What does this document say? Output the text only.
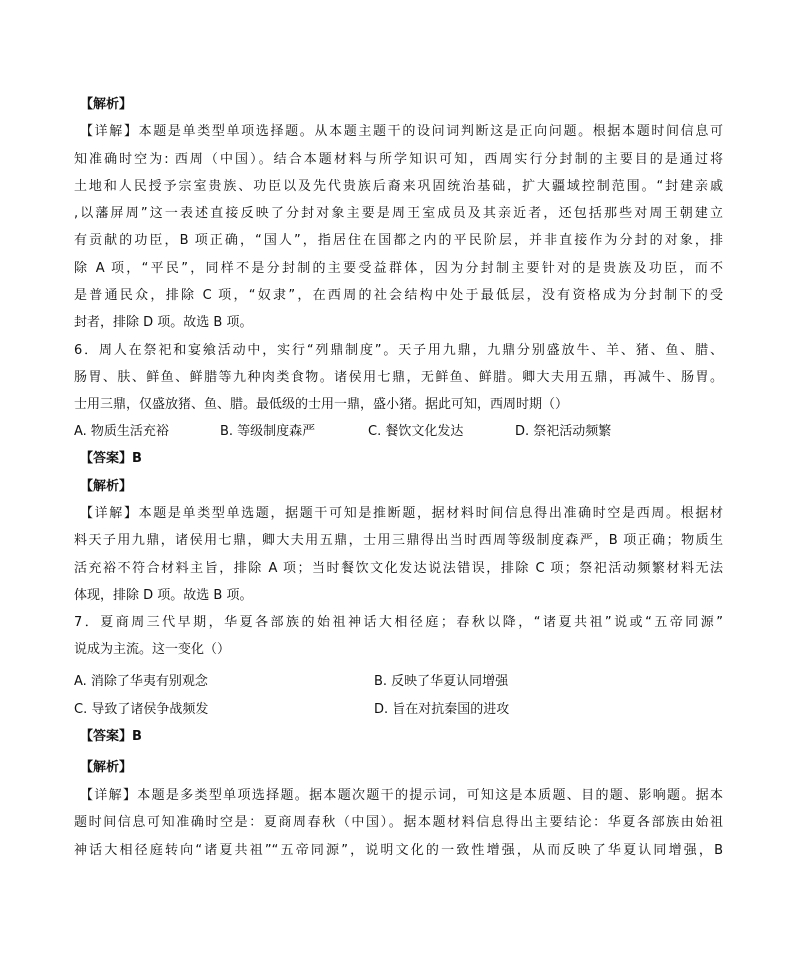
【解析】
【详解】本题是单类型单项选择题。从本题主题干的设问词判断这是正向问题。根据本题时间信息可
知准确时空为: 西周（中国）。结合本题材料与所学知识可知，西周实行分封制的主要目的是通过将
土地和人民授予宗室贵族、功臣以及先代贵族后裔来巩固统治基础，扩大疆域控制范围。“封建亲戚
,以藩屏周”这一表述直接反映了分封对象主要是周王室成员及其亲近者，还包括那些对周王朝建立
有贡献的功臣，B 项正确，“国人”，指居住在国都之内的平民阶层，并非直接作为分封的对象，排
除 A 项，“平民”，同样不是分封制的主要受益群体，因为分封制主要针对的是贵族及功臣，而不
是普通民众，排除 C 项，“奴隶”，在西周的社会结构中处于最低层，没有资格成为分封制下的受
封者，排除 D 项。故选 B 项。
6．周人在祭祀和宴飨活动中，实行“列鼎制度”。天子用九鼎，九鼎分别盛放牛、羊、猪、鱼、腊、
肠胃、肤、鲜鱼、鲜腊等九种肉类食物。诸侯用七鼎，无鲜鱼、鲜腊。卿大夫用五鼎，再减牛、肠胃。
士用三鼎，仅盛放猪、鱼、腊。最低级的士用一鼎，盛小猪。据此可知，西周时期（）
A. 物质生活充裕	B. 等级制度森严	C. 餐饮文化发达	D. 祭祀活动频繁
【答案】B
【解析】
【详解】本题是单类型单选题，据题干可知是推断题，据材料时间信息得出准确时空是西周。根据材
料天子用九鼎，诸侯用七鼎，卿大夫用五鼎，士用三鼎得出当时西周等级制度森严，B 项正确；物质生
活充裕不符合材料主旨，排除 A 项；当时餐饮文化发达说法错误，排除 C 项；祭祀活动频繁材料无法
体现，排除 D 项。故选 B 项。
7．夏商周三代早期，华夏各部族的始祖神话大相径庭；春秋以降，“诸夏共祖”说或“五帝同源”
说成为主流。这一变化（）
A. 消除了华夷有别观念	B. 反映了华夏认同增强
C. 导致了诸侯争战频发	D. 旨在对抗秦国的进攻
【答案】B
【解析】
【详解】本题是多类型单项选择题。据本题次题干的提示词，可知这是本质题、目的题、影响题。据本
题时间信息可知准确时空是：夏商周春秋（中国）。据本题材料信息得出主要结论：华夏各部族由始祖
神话大相径庭转向“诸夏共祖”“五帝同源”，说明文化的一致性增强，从而反映了华夏认同增强，B
